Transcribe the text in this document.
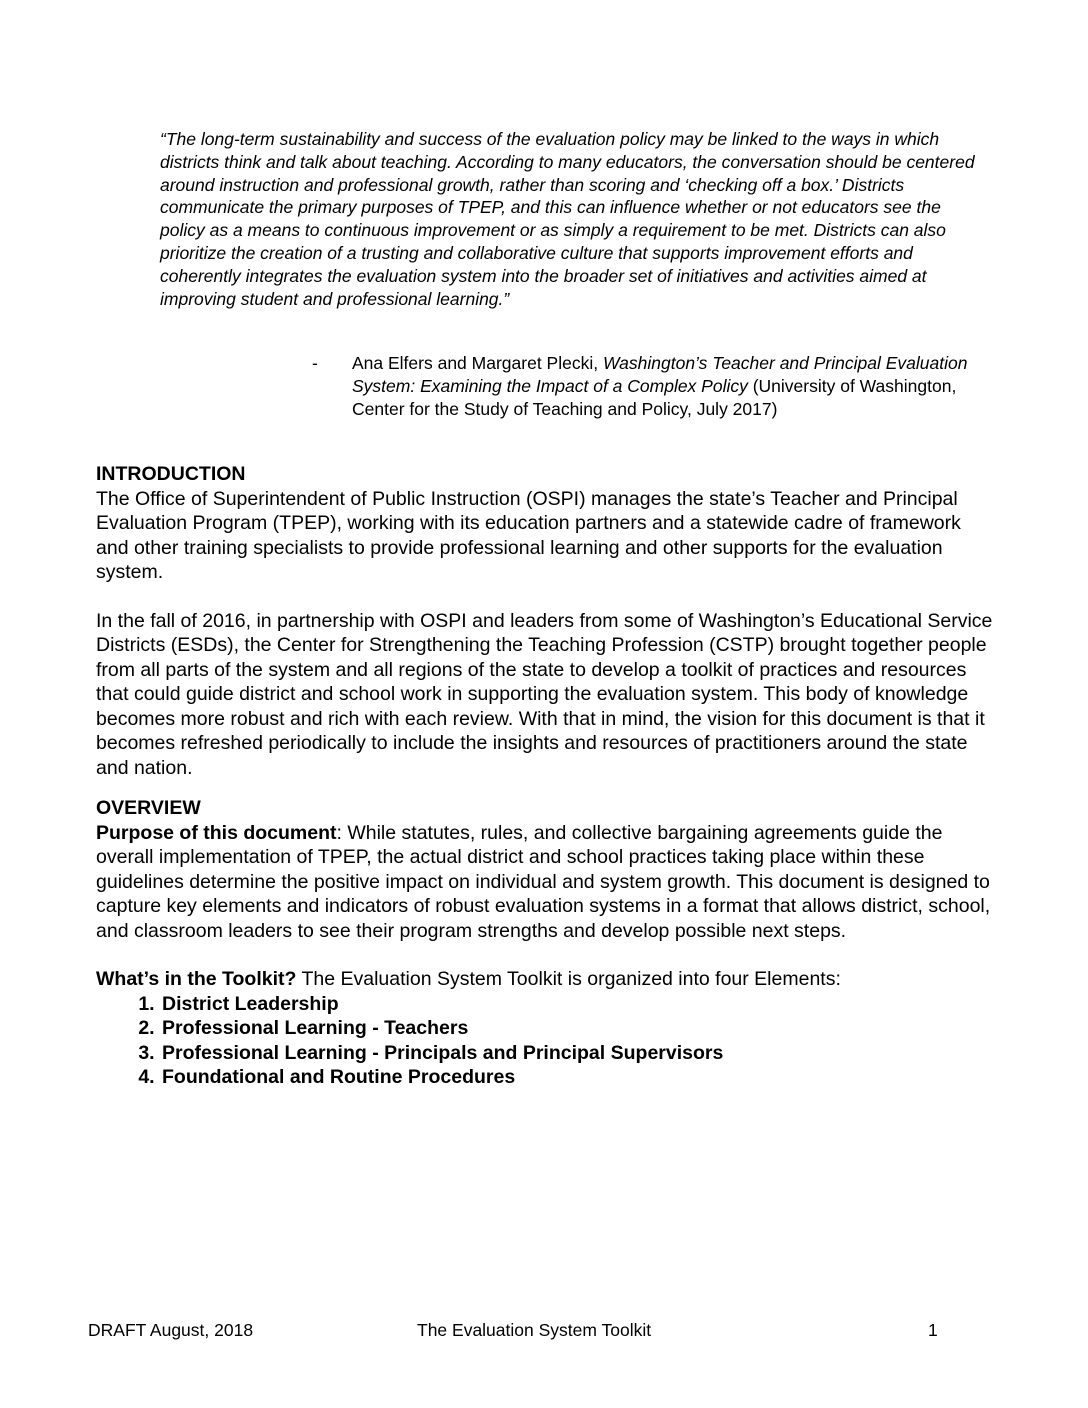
“The long-term sustainability and success of the evaluation policy may be linked to the ways in which districts think and talk about teaching. According to many educators, the conversation should be centered around instruction and professional growth, rather than scoring and ‘checking off a box.’ Districts communicate the primary purposes of TPEP, and this can influence whether or not educators see the policy as a means to continuous improvement or as simply a requirement to be met. Districts can also prioritize the creation of a trusting and collaborative culture that supports improvement efforts and coherently integrates the evaluation system into the broader set of initiatives and activities aimed at improving student and professional learning.”
-	Ana Elfers and Margaret Plecki, Washington’s Teacher and Principal Evaluation System: Examining the Impact of a Complex Policy (University of Washington, Center for the Study of Teaching and Policy, July 2017)
INTRODUCTION

The Office of Superintendent of Public Instruction (OSPI) manages the state’s Teacher and Principal Evaluation Program (TPEP), working with its education partners and a statewide cadre of framework and other training specialists to provide professional learning and other supports for the evaluation system.

In the fall of 2016, in partnership with OSPI and leaders from some of Washington’s Educational Service Districts (ESDs), the Center for Strengthening the Teaching Profession (CSTP) brought together people from all parts of the system and all regions of the state to develop a toolkit of practices and resources that could guide district and school work in supporting the evaluation system. This body of knowledge becomes more robust and rich with each review. With that in mind, the vision for this document is that it becomes refreshed periodically to include the insights and resources of practitioners around the state and nation.

OVERVIEW

Purpose of this document: While statutes, rules, and collective bargaining agreements guide the overall implementation of TPEP, the actual district and school practices taking place within these guidelines determine the positive impact on individual and system growth. This document is designed to capture key elements and indicators of robust evaluation systems in a format that allows district, school, and classroom leaders to see their program strengths and develop possible next steps.

What’s in the Toolkit? The Evaluation System Toolkit is organized into four Elements:

1. District Leadership
2. Professional Learning - Teachers
3. Professional Learning - Principals and Principal Supervisors
4. Foundational and Routine Procedures
DRAFT August, 2018	The Evaluation System Toolkit	1
